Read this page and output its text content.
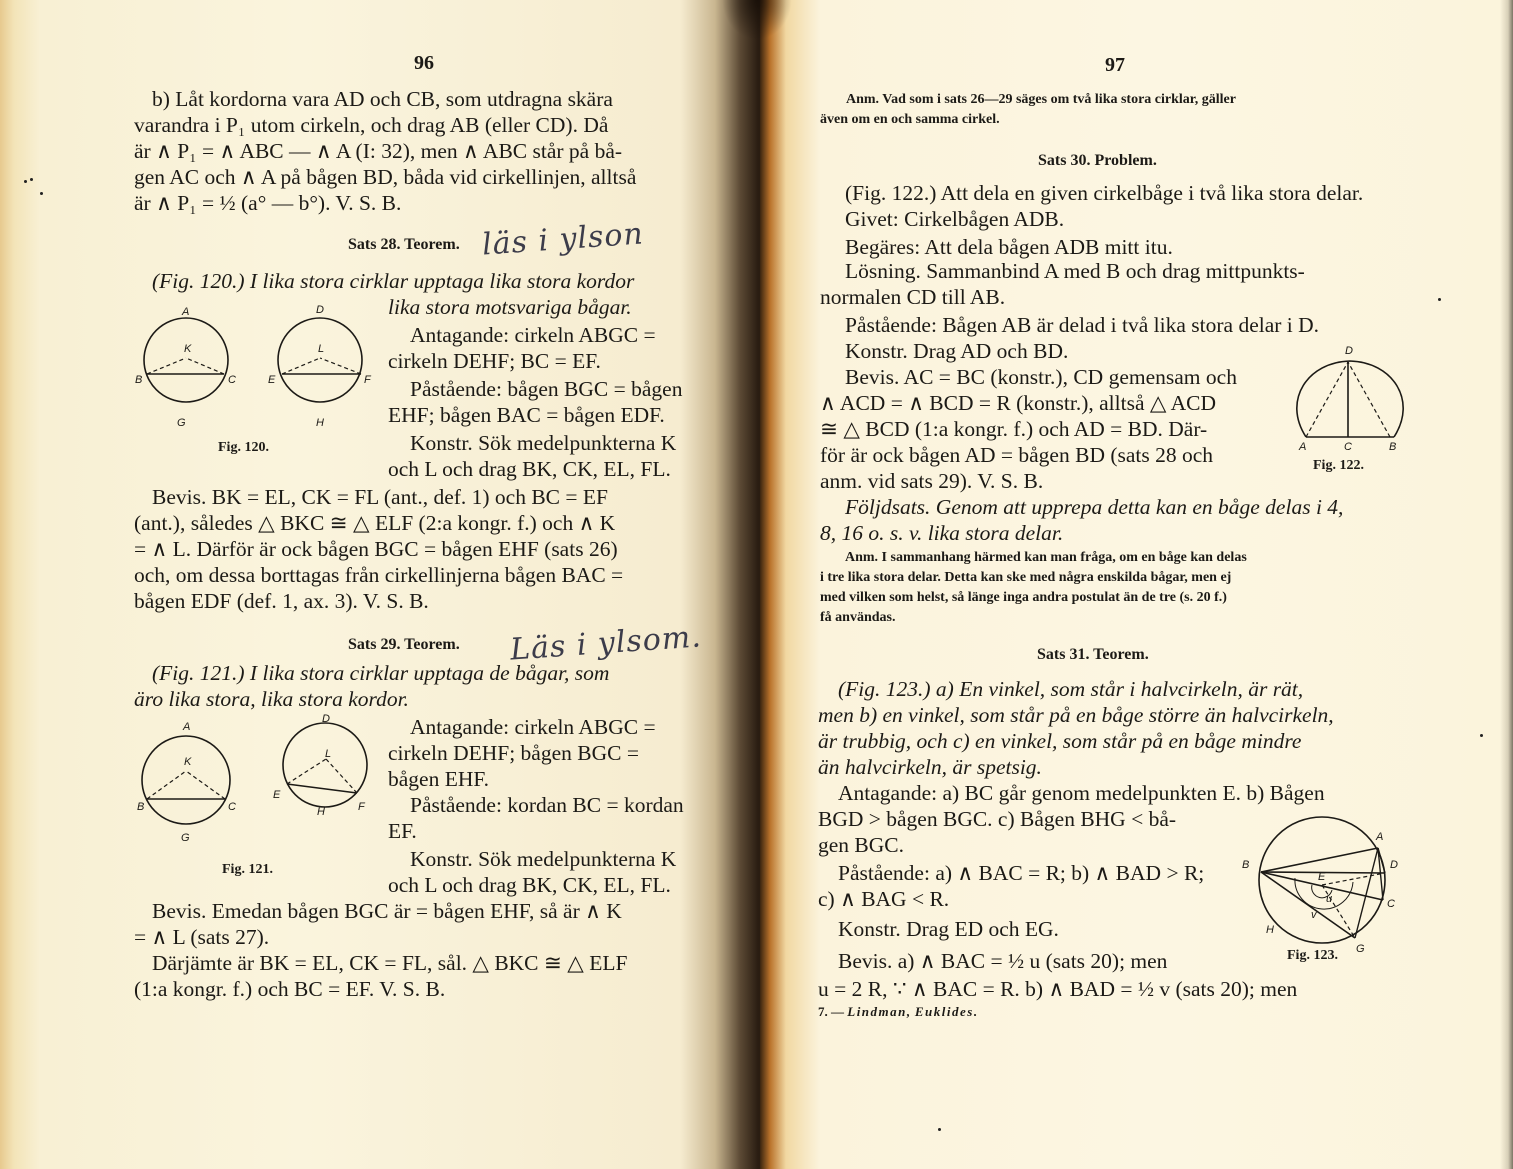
96
b) Låt kordorna vara AD och CB, som utdragna skära
varandra i P₁ utom cirkeln, och drag AB (eller CD). Då
är ∧ P₁ = ∧ ABC — ∧ A (I: 32), men ∧ ABC står på bå-
gen AC och ∧ A på bågen BD, båda vid cirkellinjen, alltså
är ∧ P₁ = ½ (a° — b°). V. S. B.
Sats 28. Teorem. läs i ylson
(Fig. 120.) I lika stora cirklar upptaga lika stora kordor
lika stora motsvariga bågar.
Antagande: cirkeln ABGC =
cirkeln DEHF; BC = EF.
Påstående: bågen BGC = bågen
EHF; bågen BAC = bågen EDF.
Konstr. Sök medelpunkterna K
och L och drag BK, CK, EL, FL.
A
K
B	C
G
D
L
E	F
H
Fig. 120.
Bevis. BK = EL, CK = FL (ant., def. 1) och BC = EF
(ant.), således △ BKC ≅ △ ELF (2:a kongr. f.) och ∧ K
= ∧ L. Därför är ock bågen BGC = bågen EHF (sats 26)
och, om dessa borttagas från cirkellinjerna bågen BAC =
bågen EDF (def. 1, ax. 3). V. S. B.
Sats 29. Teorem. Läs i ylsom.
(Fig. 121.) I lika stora cirklar upptaga de bågar, som
äro lika stora, lika stora kordor.
Antagande: cirkeln ABGC =
cirkeln DEHF; bågen BGC =
bågen EHF.
Påstående: kordan BC = kordan
EF.
Konstr. Sök medelpunkterna K
och L och drag BK, CK, EL, FL.
A
K
B	C
G
D
L
E
F
H
Fig. 121.
Bevis. Emedan bågen BGC är = bågen EHF, så är ∧ K
= ∧ L (sats 27).
Därjämte är BK = EL, CK = FL, sål. △ BKC ≅ △ ELF
(1:a kongr. f.) och BC = EF. V. S. B.
97
Anm. Vad som i sats 26—29 säges om två lika stora cirklar, gäller
även om en och samma cirkel.
Sats 30. Problem.
(Fig. 122.) Att dela en given cirkelbåge i två lika stora delar.
Givet: Cirkelbågen ADB.
Begäres: Att dela bågen ADB mitt itu.
Lösning. Sammanbind A med B och drag mittpunkts-
normalen CD till AB.
Påstående: Bågen AB är delad i två lika stora delar i D.
Konstr. Drag AD och BD.
Bevis. AC = BC (konstr.), CD gemensam och
∧ ACD = ∧ BCD = R (konstr.), alltså △ ACD
≅ △ BCD (1:a kongr. f.) och AD = BD. Där-
för är ock bågen AD = bågen BD (sats 28 och
anm. vid sats 29). V. S. B.
D
A	C	B
Fig. 122.
Följdsats. Genom att upprepa detta kan en båge delas i 4,
8, 16 o. s. v. lika stora delar.
Anm. I sammanhang härmed kan man fråga, om en båge kan delas
i tre lika stora delar. Detta kan ske med några enskilda bågar, men ej
med vilken som helst, så länge inga andra postulat än de tre (s. 20 f.)
få användas.
Sats 31. Teorem.
(Fig. 123.) a) En vinkel, som står i halvcirkeln, är rät,
men b) en vinkel, som står på en båge större än halvcirkeln,
är trubbig, och c) en vinkel, som står på en båge mindre
än halvcirkeln, är spetsig.
Antagande: a) BC går genom medelpunkten E. b) Bågen
BGD > bågen BGC. c) Bågen BHG < bå-
gen BGC.
Påstående: a) ∧ BAC = R; b) ∧ BAD > R;
c) ∧ BAG < R.
Konstr. Drag ED och EG.
Bevis. a) ∧ BAC = ½ u (sats 20); men
u = 2 R, ∵ ∧ BAC = R. b) ∧ BAD = ½ v (sats 20); men
A
B	D
E
u	C
v
H
G
Fig. 123.
7. — Lindman, Euklides.
